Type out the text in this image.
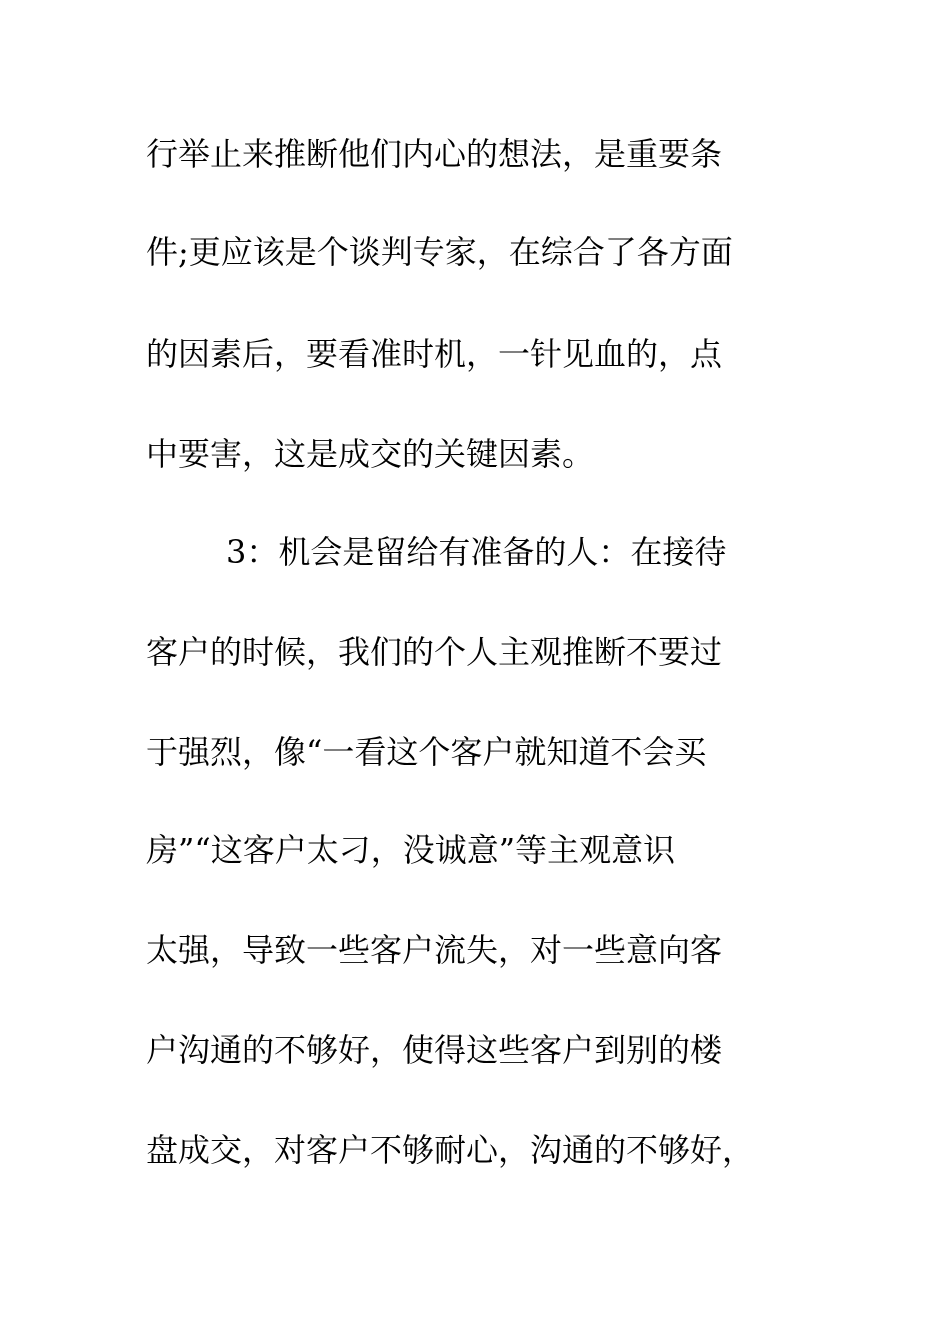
行举止来推断他们内心的想法，是重要条
件;更应该是个谈判专家，在综合了各方面
的因素后，要看准时机，一针见血的，点
中要害，这是成交的关键因素。
3：机会是留给有准备的人：在接待
客户的时候，我们的个人主观推断不要过
于强烈，像“一看这个客户就知道不会买
房”“这客户太刁，没诚意”等主观意识
太强，导致一些客户流失，对一些意向客
户沟通的不够好，使得这些客户到别的楼
盘成交，对客户不够耐心，沟通的不够好，
